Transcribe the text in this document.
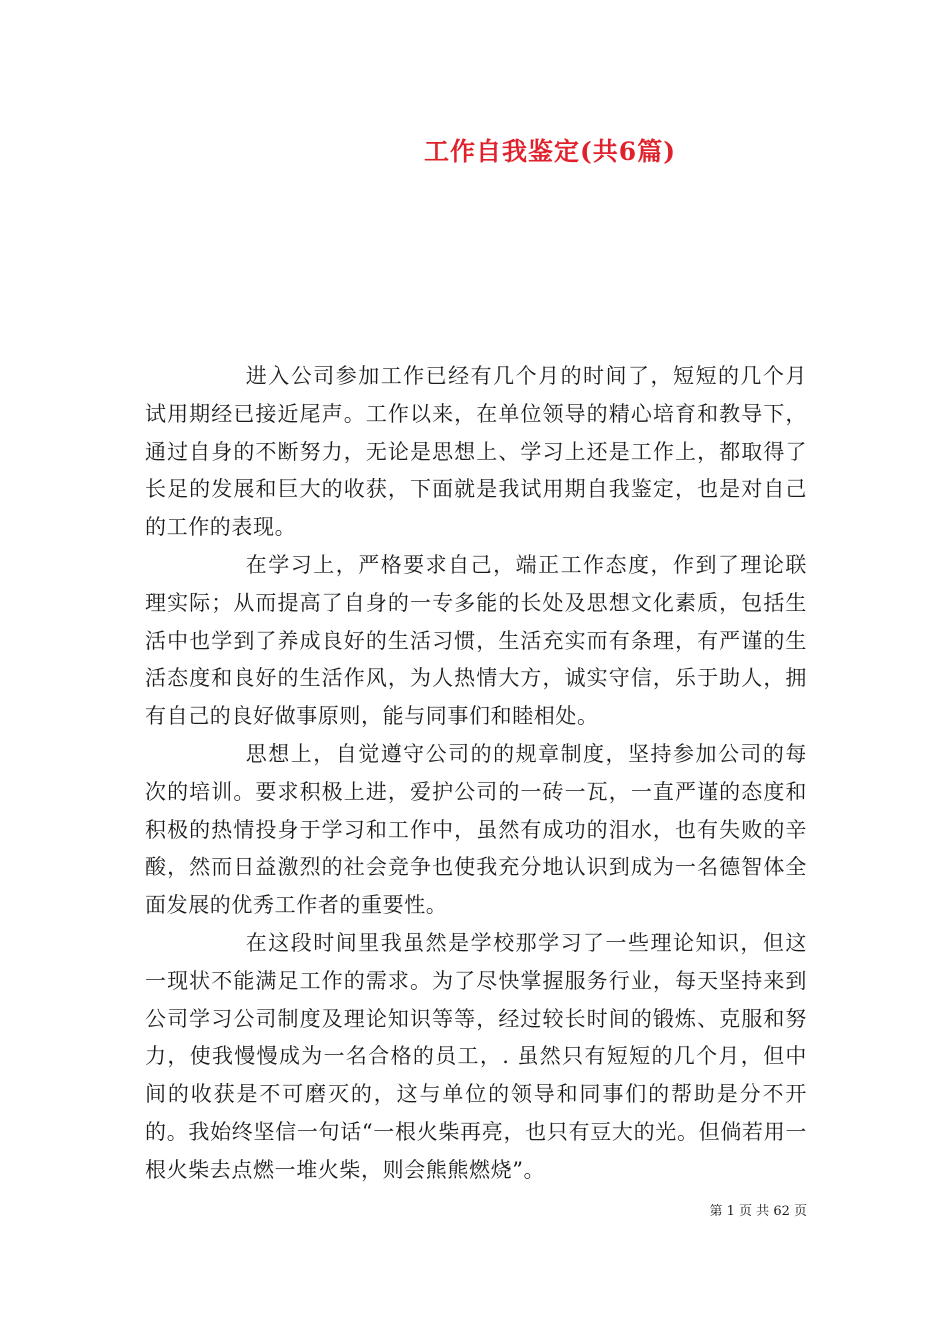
工作自我鉴定(共6篇)

进入公司参加工作已经有几个月的时间了，短短的几个月试用期经已接近尾声。工作以来，在单位领导的精心培育和教导下，通过自身的不断努力，无论是思想上、学习上还是工作上，都取得了长足的发展和巨大的收获，下面就是我试用期自我鉴定，也是对自己的工作的表现。

在学习上，严格要求自己，端正工作态度，作到了理论联理实际；从而提高了自身的一专多能的长处及思想文化素质，包括生活中也学到了养成良好的生活习惯，生活充实而有条理，有严谨的生活态度和良好的生活作风，为人热情大方，诚实守信，乐于助人，拥有自己的良好做事原则，能与同事们和睦相处。

思想上，自觉遵守公司的的规章制度，坚持参加公司的每次的培训。要求积极上进，爱护公司的一砖一瓦，一直严谨的态度和积极的热情投身于学习和工作中，虽然有成功的泪水，也有失败的辛酸，然而日益激烈的社会竞争也使我充分地认识到成为一名德智体全面发展的优秀工作者的重要性。

在这段时间里我虽然是学校那学习了一些理论知识，但这一现状不能满足工作的需求。为了尽快掌握服务行业，每天坚持来到公司学习公司制度及理论知识等等，经过较长时间的锻炼、克服和努力，使我慢慢成为一名合格的员工，. 虽然只有短短的几个月，但中间的收获是不可磨灭的，这与单位的领导和同事们的帮助是分不开的。我始终坚信一句话“一根火柴再亮，也只有豆大的光。但倘若用一根火柴去点燃一堆火柴，则会熊熊燃烧”。

第 1 页 共 62 页
